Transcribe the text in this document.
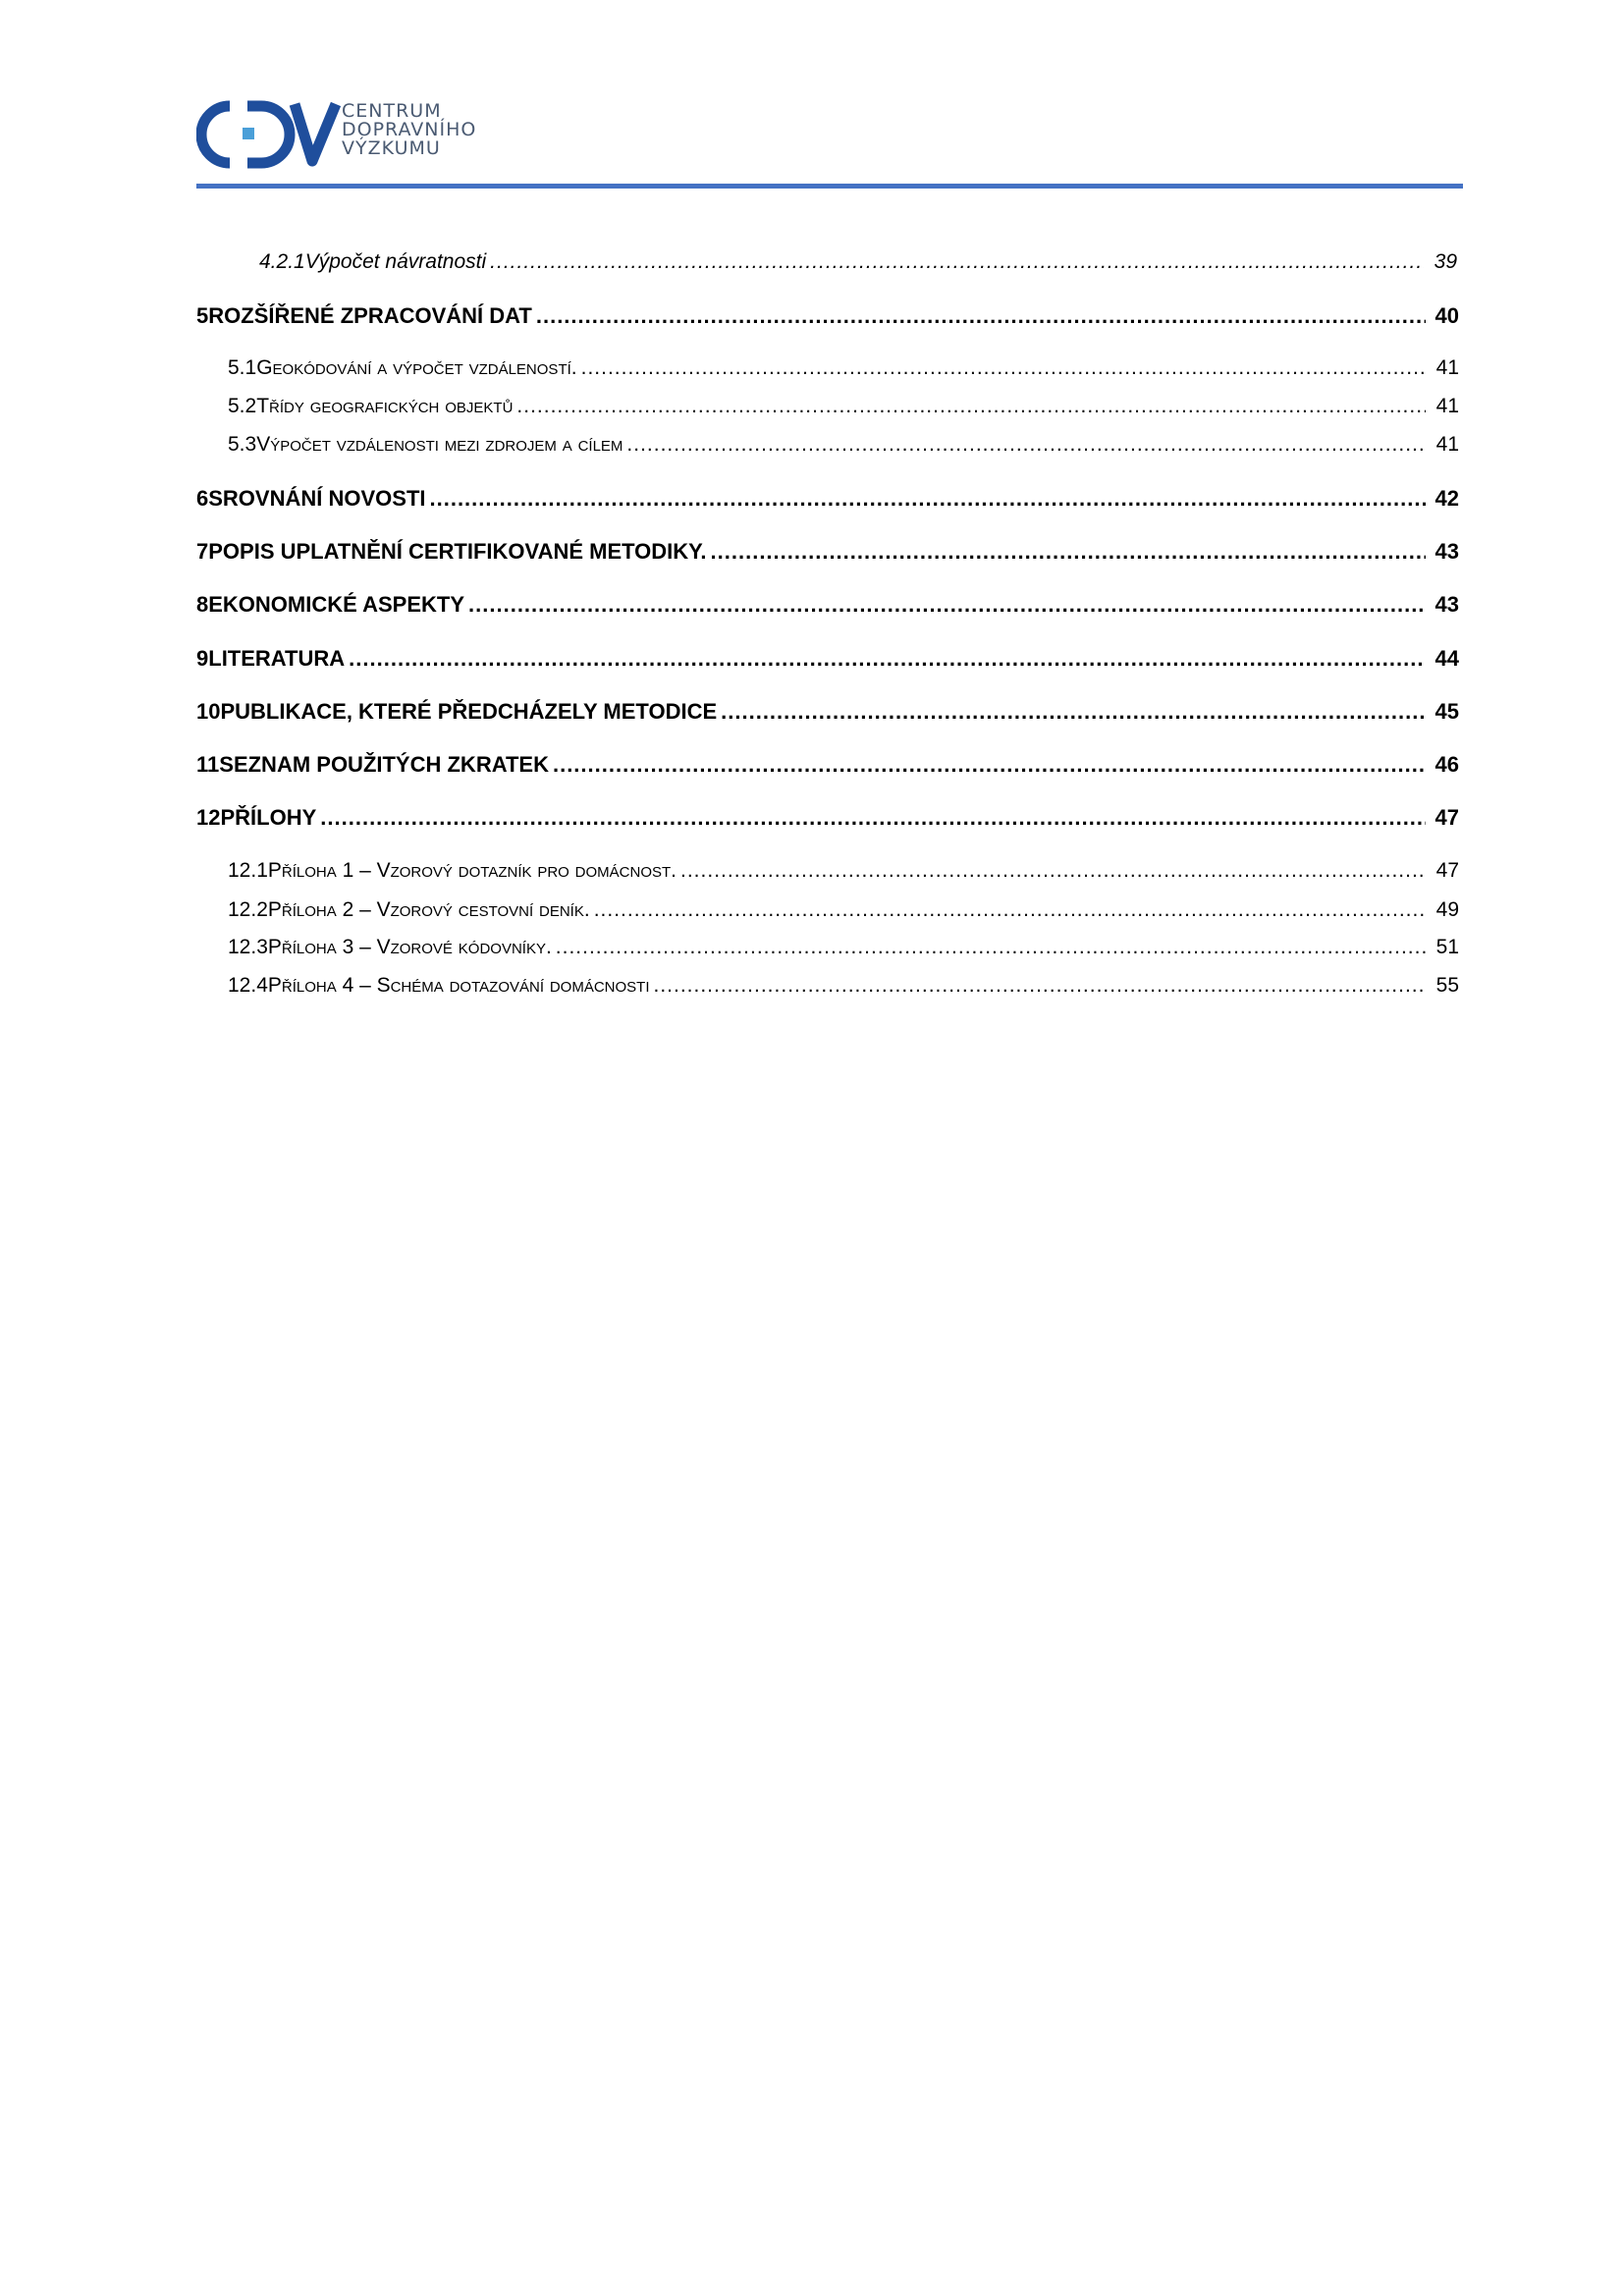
CENTRUM
DOPRAVNÍHO
VÝZKUMU
4.2.1 Výpočet návratnosti .....	39
5 ROZŠÍŘENÉ ZPRACOVÁNÍ DAT .....	40
5.1 Geokódování a výpočet vzdáleností. .....	41
5.2 Třídy geografických objektů .....	41
5.3 Výpočet vzdálenosti mezi zdrojem a cílem .....	41
6 SROVNÁNÍ NOVOSTI .....	42
7 POPIS UPLATNĚNÍ CERTIFIKOVANÉ METODIKY. .....	43
8 EKONOMICKÉ ASPEKTY .....	43
9 LITERATURA .....	44
10 PUBLIKACE, KTERÉ PŘEDCHÁZELY METODICE .....	45
11 SEZNAM POUŽITÝCH ZKRATEK .....	46
12 PŘÍLOHY .....	47
12.1 Příloha 1 – Vzorový dotazník pro domácnost. .....	47
12.2 Příloha 2 – Vzorový cestovní deník. .....	49
12.3 Příloha 3 – Vzorové kódovníky. .....	51
12.4 Příloha 4 – Schéma dotazování domácnosti .....	55
